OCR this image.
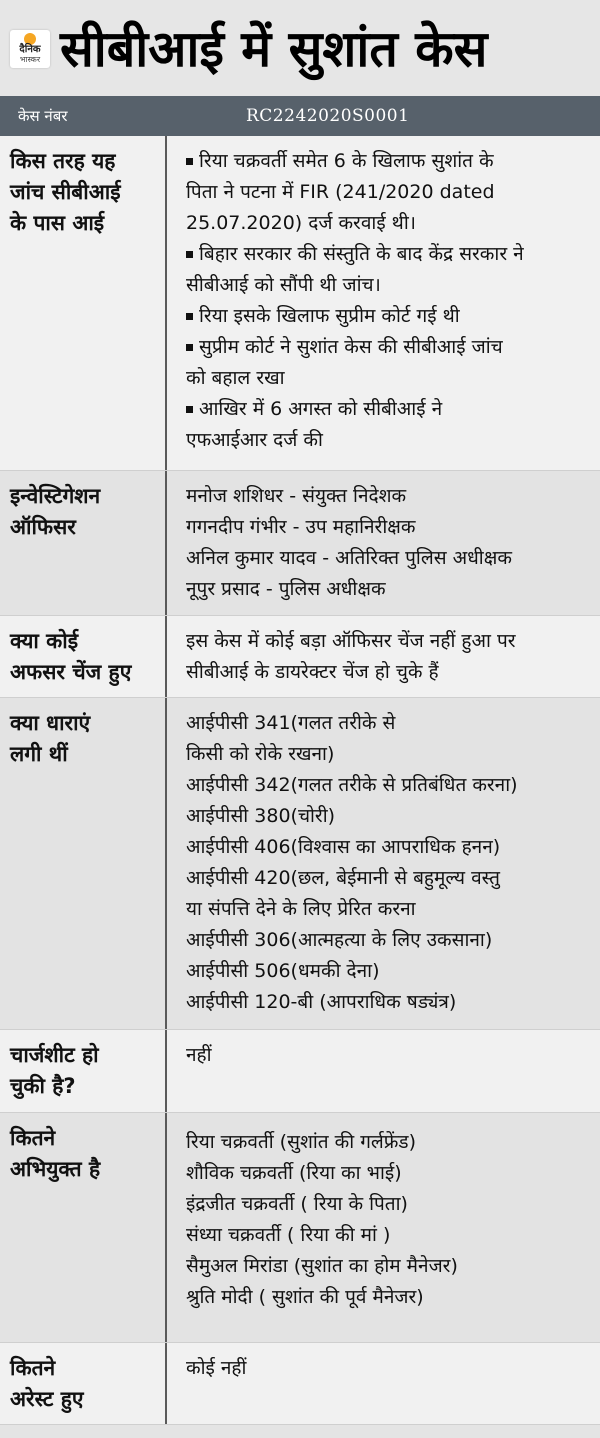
दैनिक
भास्कर सीबीआई में सुशांत केस
केस नंबर	RC2242020S0001
किस तरह यह
जांच सीबीआई
के पास आई
रिया चक्रवर्ती समेत 6 के खिलाफ सुशांत के
पिता ने पटना में FIR (241/2020 dated
25.07.2020) दर्ज करवाई थी।
बिहार सरकार की संस्तुति के बाद केंद्र सरकार ने
सीबीआई को सौंपी थी जांच।
रिया इसके खिलाफ सुप्रीम कोर्ट गई थी
सुप्रीम कोर्ट ने सुशांत केस की सीबीआई जांच
को बहाल रखा
आखिर में 6 अगस्त को सीबीआई ने
एफआईआर दर्ज की
इन्वेस्टिगेशन
ऑफिसर
मनोज शशिधर - संयुक्त निदेशक
गगनदीप गंभीर - उप महानिरीक्षक
अनिल कुमार यादव - अतिरिक्त पुलिस अधीक्षक
नूपुर प्रसाद - पुलिस अधीक्षक
क्या कोई
अफसर चेंज हुए
इस केस में कोई बड़ा ऑफिसर चेंज नहीं हुआ पर
सीबीआई के डायरेक्टर चेंज हो चुके हैं
क्या धाराएं
लगी थीं
आईपीसी 341(गलत तरीके से
किसी को रोके रखना)
आईपीसी 342(गलत तरीके से प्रतिबंधित करना)
आईपीसी 380(चोरी)
आईपीसी 406(विश्वास का आपराधिक हनन)
आईपीसी 420(छल, बेईमानी से बहुमूल्य वस्तु
या संपत्ति देने के लिए प्रेरित करना
आईपीसी 306(आत्महत्या के लिए उकसाना)
आईपीसी 506(धमकी देना)
आईपीसी 120-बी (आपराधिक षड्यंत्र)
चार्जशीट हो
चुकी है?
नहीं
कितने
अभियुक्त है
रिया चक्रवर्ती (सुशांत की गर्लफ्रेंड)
शौविक चक्रवर्ती (रिया का भाई)
इंद्रजीत चक्रवर्ती ( रिया के पिता)
संध्या चक्रवर्ती ( रिया की मां )
सैमुअल मिरांडा (सुशांत का होम मैनेजर)
श्रुति मोदी ( सुशांत की पूर्व मैनेजर)
कितने
अरेस्ट हुए
कोई नहीं
